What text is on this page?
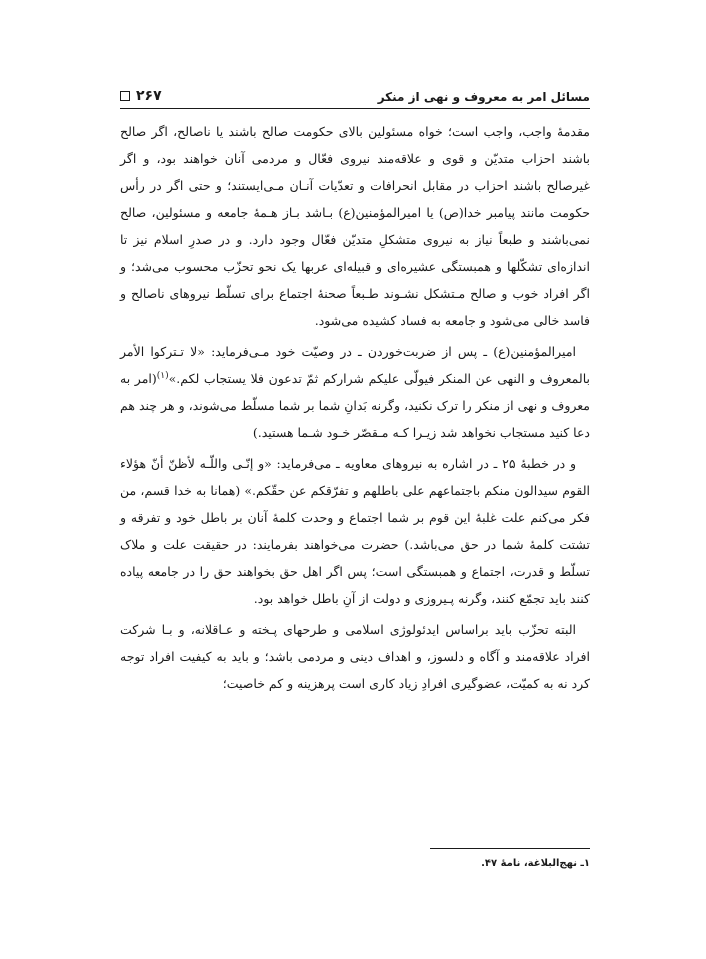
مسائل امر به معروف و نهی از منکر
۲۶۷

مقدمهٔ واجب، واجب است؛ خواه مسئولین بالای حکومت صالح باشند یا ناصالح، اگر صالح باشند احزاب متدیّن و قوی و علاقه‌مند نیروی فعّال و مردمی آنان خواهند بود، و اگر غیرصالح باشند احزاب در مقابل انحرافات و تعدّیات آنـان مـی‌ایستند؛ و حتی اگر در رأس حکومت مانند پیامبر خدا(ص) یا امیرالمؤمنین(ع) بـاشد بـاز هـمهٔ جامعه و مسئولین، صالح نمی‌باشند و طبعاً نیاز به نیروی متشکلِ متدیّن فعّال وجود دارد. و در صدرِ اسلام نیز تا اندازه‌ای تشکّلها و همبستگی عشیره‌ای و قبیله‌ای عربها یک نحو تحزّب محسوب می‌شد؛ و اگر افراد خوب و صالح مـتشکل نشـوند طـبعاً صحنهٔ اجتماع برای تسلّط نیروهای ناصالح و فاسد خالی می‌شود و جامعه به فساد کشیده می‌شود.

امیرالمؤمنین(ع) ـ پس از ضربت‌خوردن ـ در وصیّت خود مـی‌فرماید: «لا تـترکوا الأمر بالمعروف و النهی عن المنکر فیولّی علیکم شرارکم ثمّ تدعون فلا یستجاب لکم.»$^{(۱)}$(امر به معروف و نهی از منکر را ترک نکنید، وگرنه بَدانِ شما بر شما مسلّط می‌شوند، و هر چند هم دعا کنید مستجاب نخواهد شد زیـرا کـه مـقصّر خـود شـما هستید.)

و در خطبهٔ ۲۵ ـ در اشاره به نیروهای معاویه ـ می‌فرماید: «و إنّـی واللّـه لأظنّ أنّ هؤلاء القوم سیدالون منکم باجتماعهم علی باطلهم و تفرّقکم عن حقّکم.» (همانا به خدا قسم، من فکر می‌کنم علت غلبهٔ این قوم بر شما اجتماع و وحدت کلمهٔ آنان بر باطل خود و تفرقه و تشتت کلمهٔ شما در حق می‌باشد.) حضرت می‌خواهند بفرمایند: در حقیقت علت و ملاک تسلّط و قدرت، اجتماع و همبستگی است؛ پس اگر اهل حق بخواهند حق را در جامعه پیاده کنند باید تجمّع کنند، وگرنه پـیروزی و دولت از آنِ باطل خواهد بود.

البته تحزّب باید براساس ایدئولوژی اسلامی و طرحهای پـخته و عـاقلانه، و بـا شرکت افراد علاقه‌مند و آگاه و دلسوز، و اهداف دینی و مردمی باشد؛ و باید به کیفیت افراد توجه کرد نه به کمیّت، عضوگیری افرادِ زیاد کاری است پرهزینه و کم خاصیت؛

۱ـ نهج‌البلاغة، نامهٔ ۴۷.
